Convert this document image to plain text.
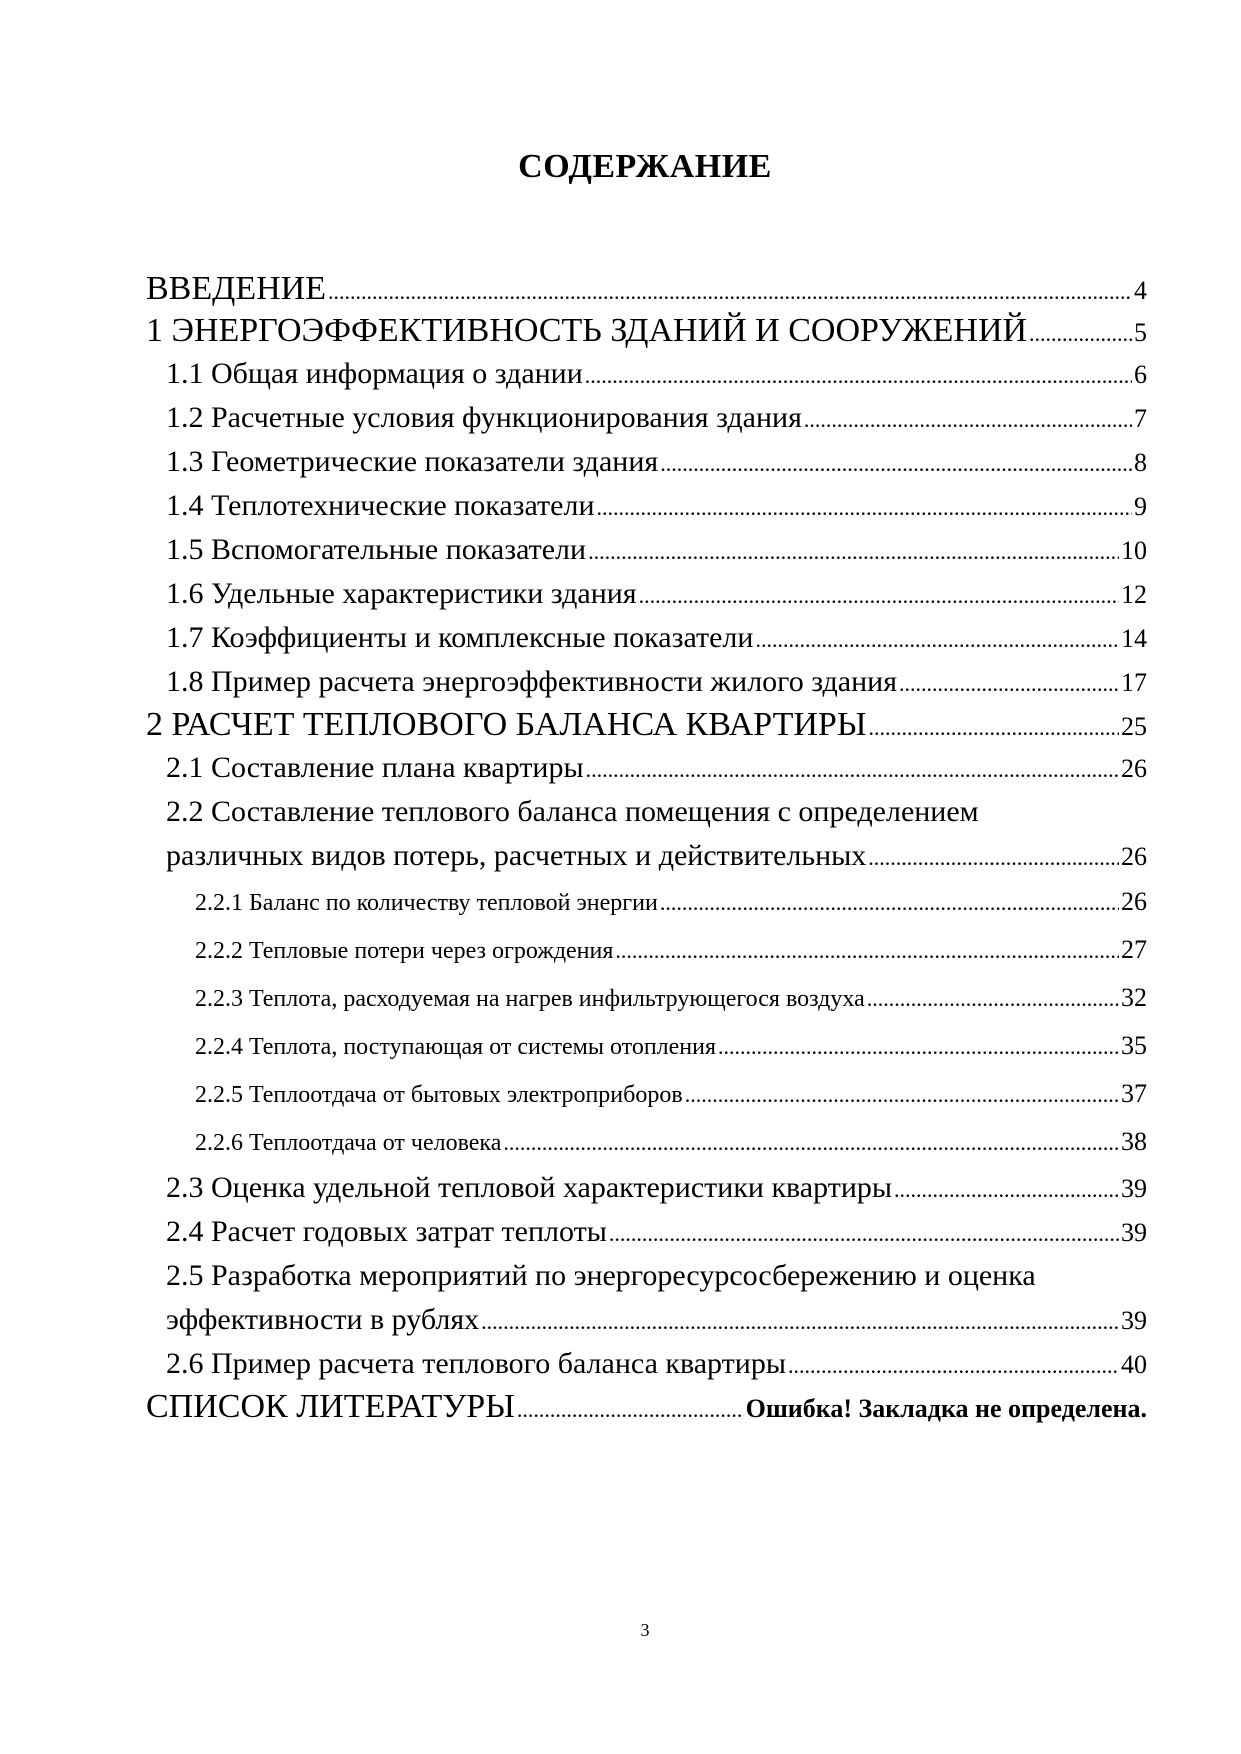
СОДЕРЖАНИЕ
ВВЕДЕНИЕ .....	4
1 ЭНЕРГОЭФФЕКТИВНОСТЬ ЗДАНИЙ И СООРУЖЕНИЙ .....	5
1.1 Общая информация о здании .....	6
1.2 Расчетные условия функционирования здания .....	7
1.3 Геометрические показатели здания .....	8
1.4 Теплотехнические показатели .....	9
1.5 Вспомогательные показатели .....	10
1.6 Удельные характеристики здания .....	12
1.7 Коэффициенты и комплексные показатели .....	14
1.8 Пример расчета энергоэффективности жилого здания .....	17
2 РАСЧЕТ ТЕПЛОВОГО БАЛАНСА КВАРТИРЫ .....	25
2.1 Составление плана квартиры .....	26
2.2 Составление теплового баланса помещения с определением
различных видов потерь, расчетных и действительных .....	26
2.2.1 Баланс по количеству тепловой энергии .....	26
2.2.2 Тепловые потери через огрождения .....	27
2.2.3 Теплота, расходуемая на нагрев инфильтрующегося воздуха .....	32
2.2.4 Теплота, поступающая от системы отопления .....	35
2.2.5 Теплоотдача от бытовых электроприборов .....	37
2.2.6 Теплоотдача от человека .....	38
2.3 Оценка удельной тепловой характеристики квартиры .....	39
2.4 Расчет годовых затрат теплоты .....	39
2.5 Разработка мероприятий по энергоресурсосбережению и оценка
эффективности в рублях .....	39
2.6 Пример расчета теплового баланса квартиры .....	40
СПИСОК ЛИТЕРАТУРЫ .....	Ошибка! Закладка не определена.
3
